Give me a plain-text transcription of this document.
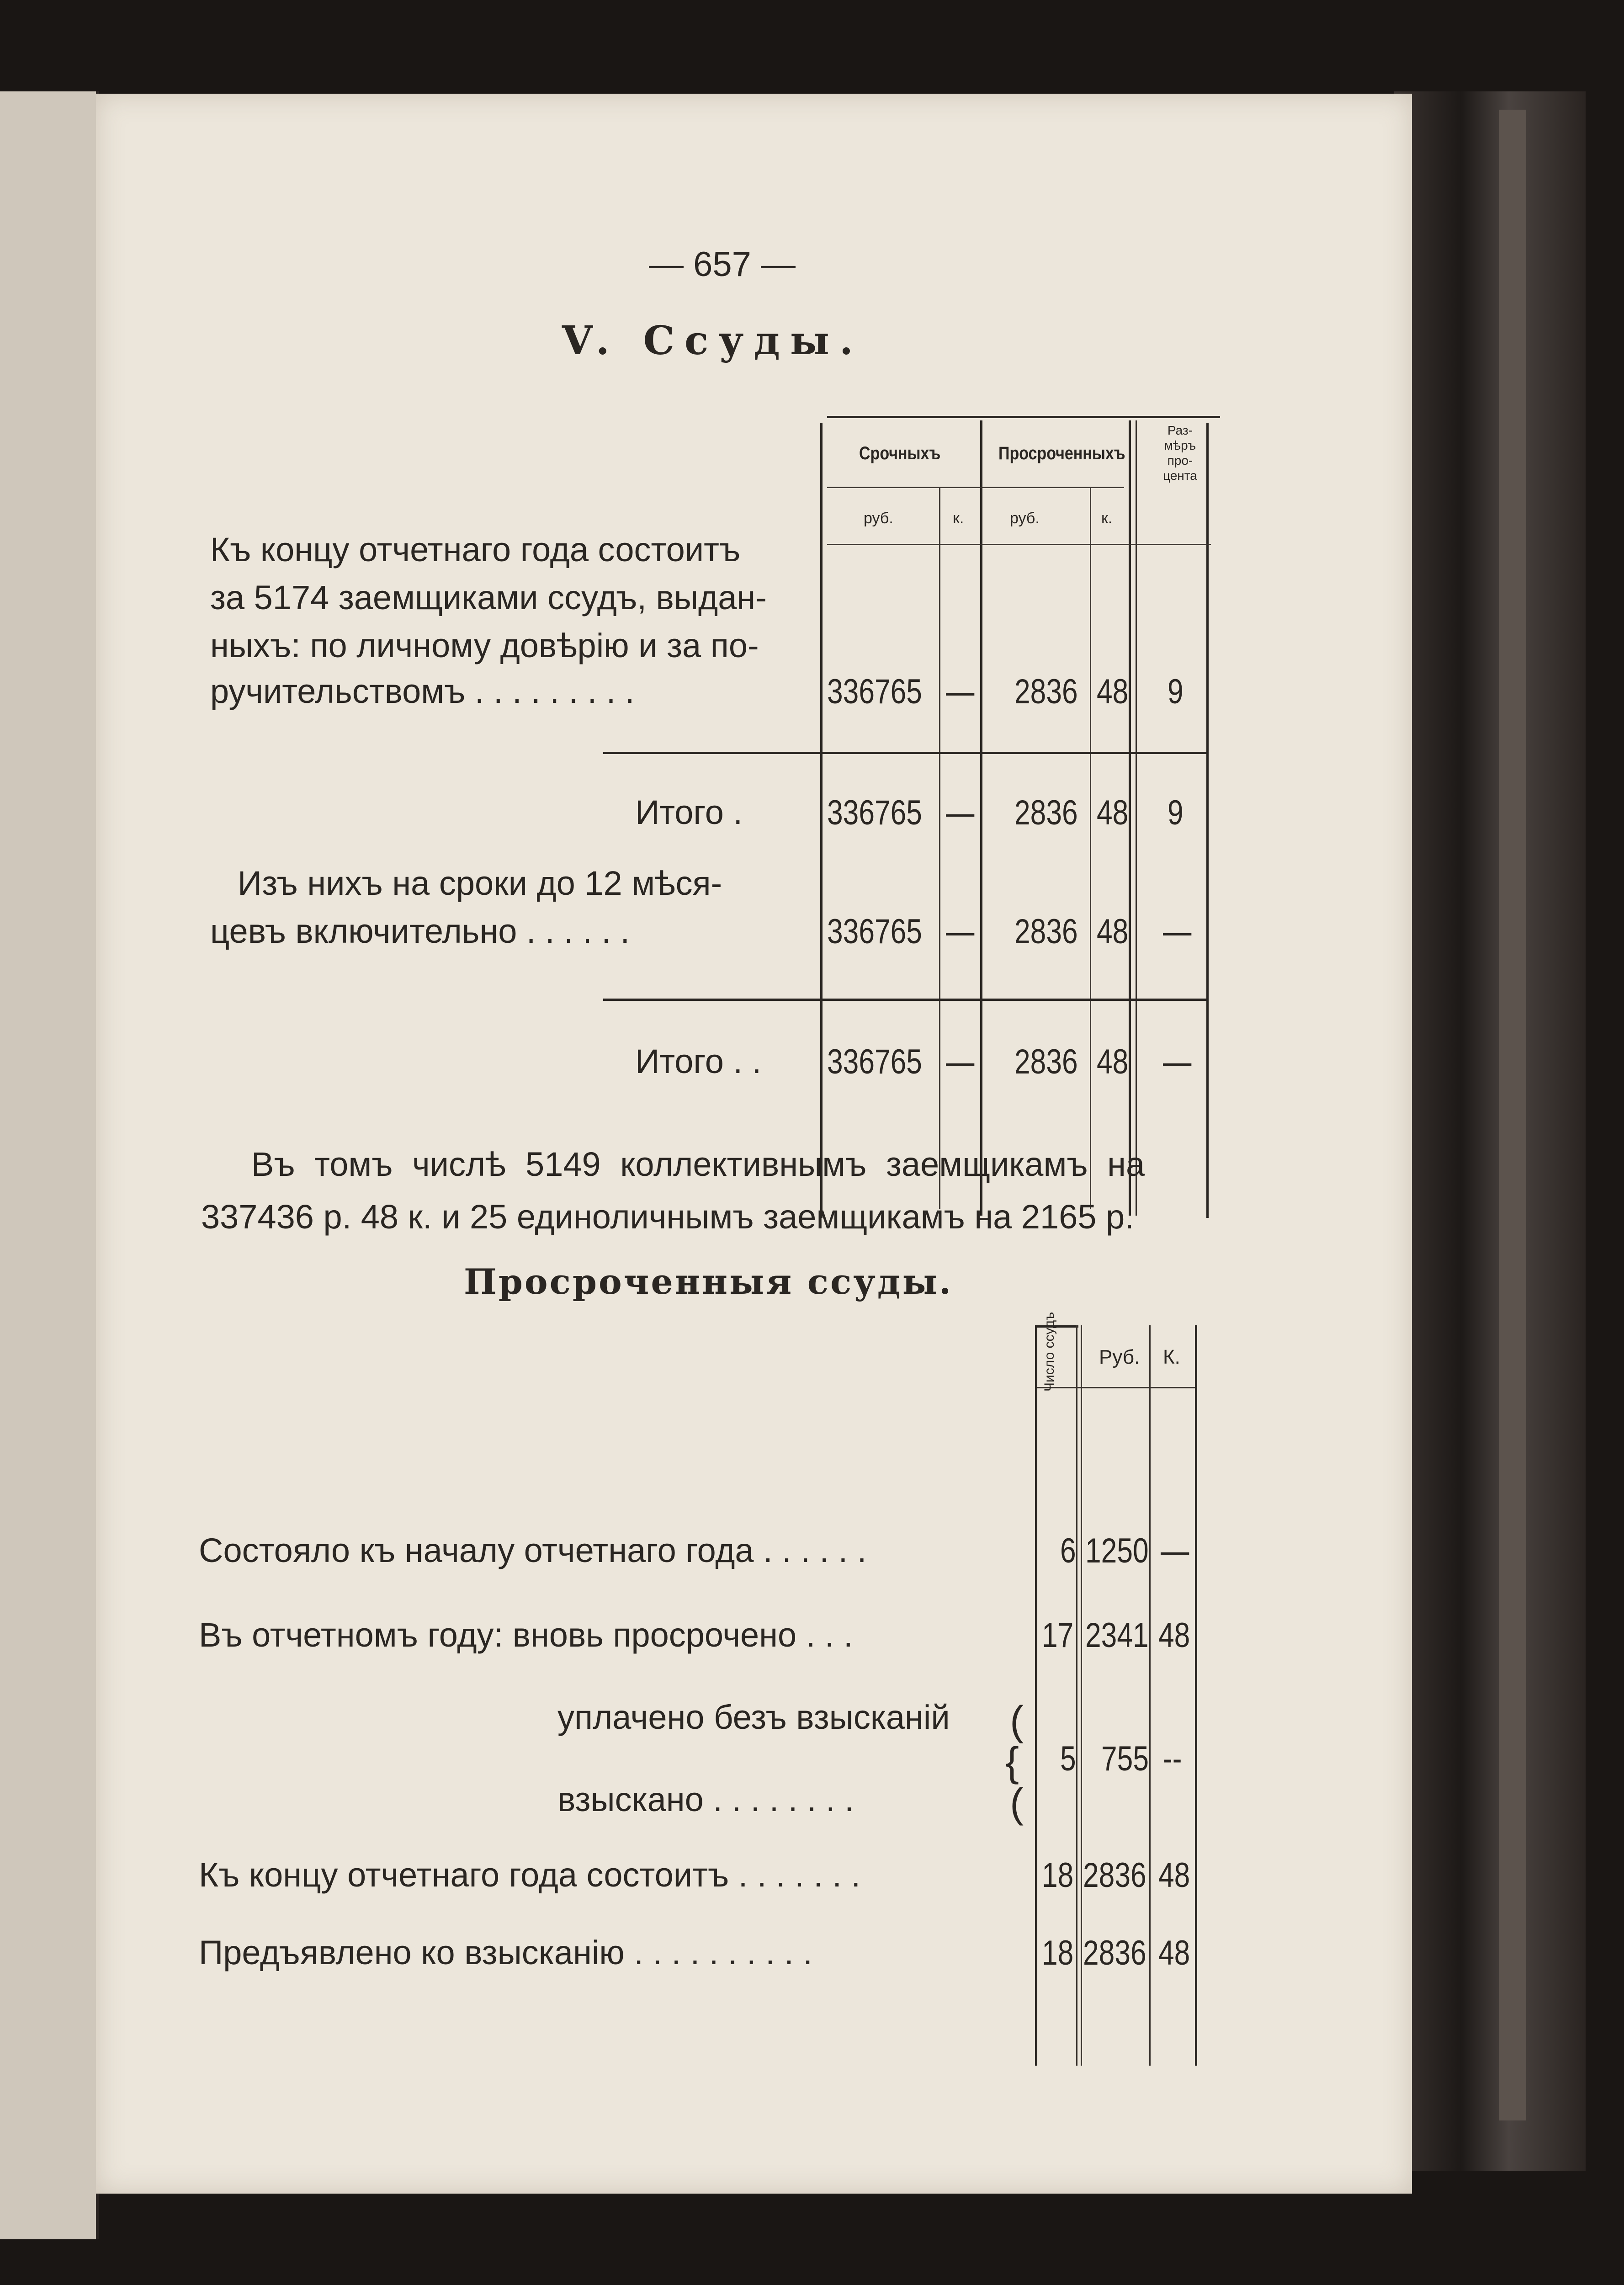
— 657 —
V. Ссуды.
Срочныхъ	Просроченныхъ
Раз-
мѣръ
про-
цента
руб.	к.	руб.	к.
Къ концу отчетнаго года состоитъ
за 5174 заемщиками ссудъ, выдан-
ныхъ: по личному довѣрію и за по-
ручительствомъ . . . . . . . . .	336765 — 2836 48 9
Итого . 336765 — 2836 48 9
Изъ нихъ на сроки до 12 мѣся-
цевъ включительно . . . . . .	336765 — 2836 48 —
Итого . . 336765 — 2836 48 —
Въ томъ числѣ 5149 коллективнымъ заемщикамъ на
337436 р. 48 к. и 25 единоличнымъ заемщикамъ на 2165 р.
Просроченныя ссуды.
Число ссудъ Руб. К.
Состояло къ началу отчетнаго года . . . . . .	6 1250 —
Въ отчетномъ году: вновь просрочено . . .	17 2341 48
уплачено безъ взысканій (
{
(
взыскано . . . . . . . .
5 755 --
Къ концу отчетнаго года состоитъ . . . . . . .	18 2836 48
Предъявлено ко взысканію . . . . . . . . . .	18 2836 48
